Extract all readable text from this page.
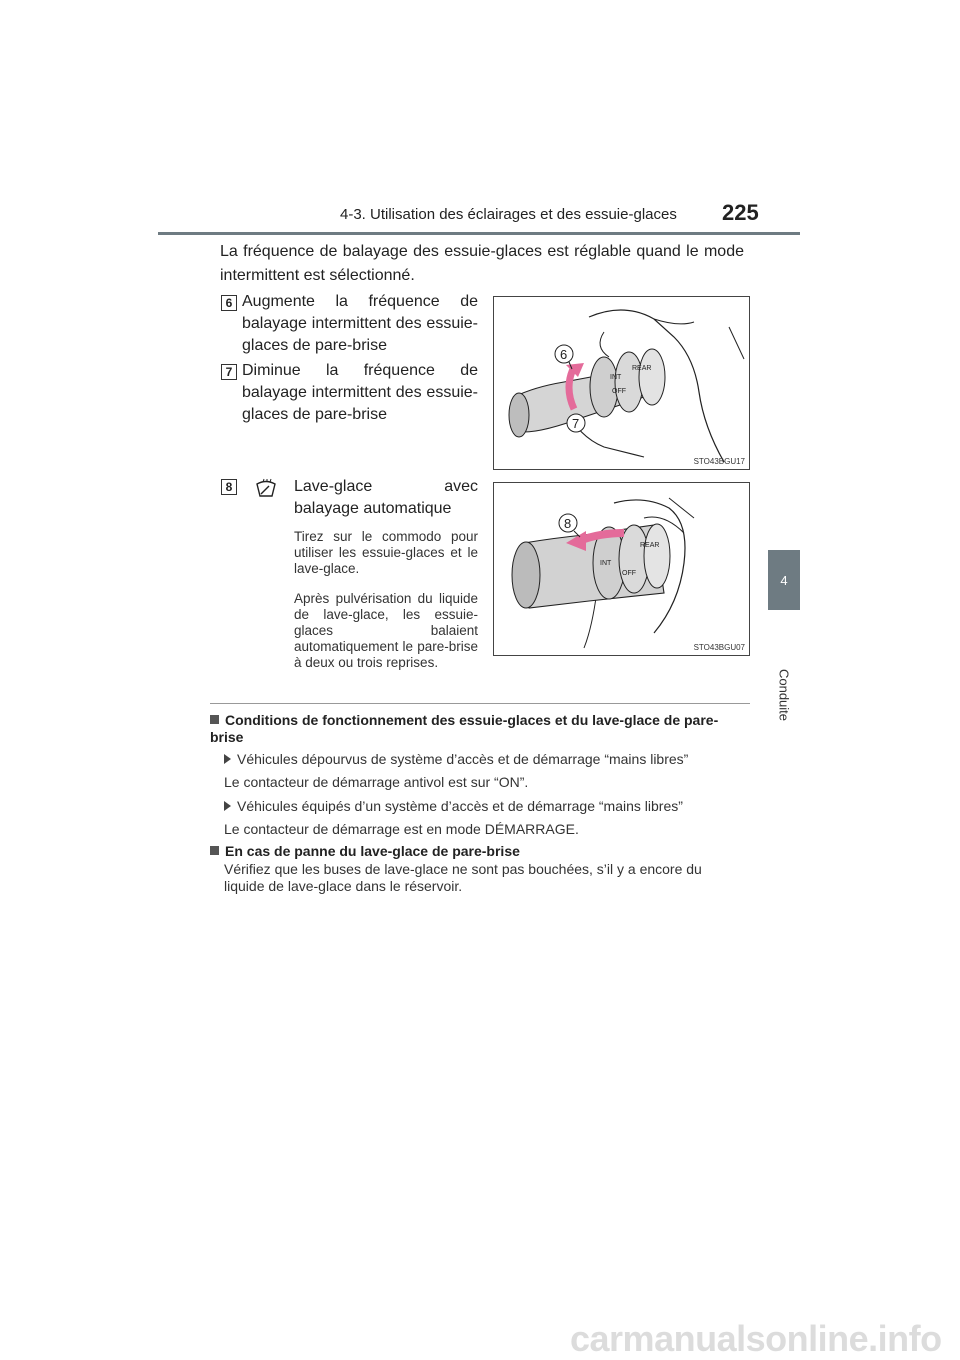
4-3. Utilisation des éclairages et des essuie-glaces 225
4
Conduite
La fréquence de balayage des essuie-glaces est réglable quand le mode intermittent est sélectionné.
6 Augmente la fréquence de balayage intermittent des essuie-glaces de pare-brise
7 Diminue la fréquence de balayage intermittent des essuie-glaces de pare-brise
INT
OFF
REAR
6
7
STO43BGU17
8	Lave-glace avec balayage automatique
Tirez sur le commodo pour utiliser les essuie-glaces et le lave-glace.
Après pulvérisation du liquide de lave-glace, les essuie-glaces balaient automatiquement le pare-brise à deux ou trois reprises.
INT
OFF
REAR
8
STO43BGU07
Conditions de fonctionnement des essuie-glaces et du lave-glace de pare-brise
Véhicules dépourvus de système d’accès et de démarrage “mains libres”
Le contacteur de démarrage antivol est sur “ON”.
Véhicules équipés d’un système d’accès et de démarrage “mains libres”
Le contacteur de démarrage est en mode DÉMARRAGE.
En cas de panne du lave-glace de pare-brise
Vérifiez que les buses de lave-glace ne sont pas bouchées, s’il y a encore du liquide de lave-glace dans le réservoir.
carmanualsonline.info
